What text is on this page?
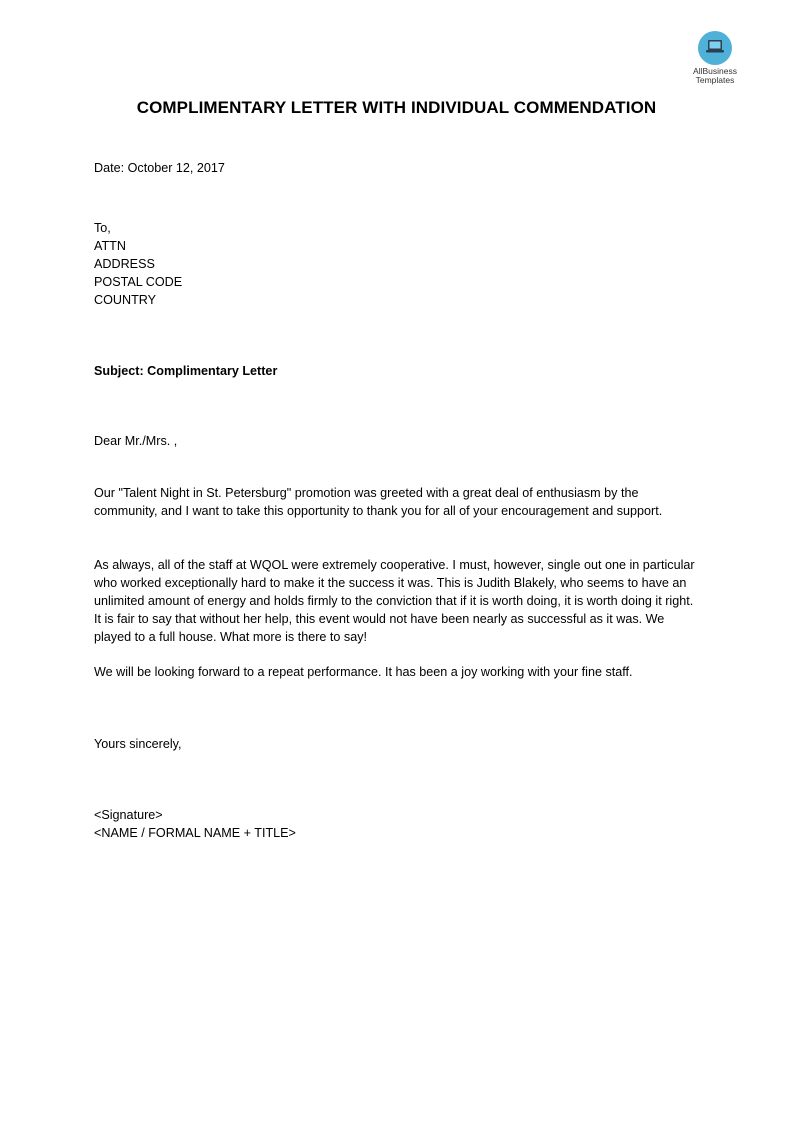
AllBusiness
Templates
COMPLIMENTARY LETTER WITH INDIVIDUAL COMMENDATION
Date: October 12, 2017
To,
ATTN
ADDRESS
POSTAL CODE
COUNTRY
Subject: Complimentary Letter
Dear Mr./Mrs. ,
Our "Talent Night in St. Petersburg" promotion was greeted with a great deal of enthusiasm by the community, and I want to take this opportunity to thank you for all of your encouragement and support.
As always, all of the staff at WQOL were extremely cooperative. I must, however, single out one in particular who worked exceptionally hard to make it the success it was. This is Judith Blakely, who seems to have an unlimited amount of energy and holds firmly to the conviction that if it is worth doing, it is worth doing it right. It is fair to say that without her help, this event would not have been nearly as successful as it was. We played to a full house. What more is there to say!
We will be looking forward to a repeat performance. It has been a joy working with your fine staff.
Yours sincerely,
<Signature>
<NAME / FORMAL NAME + TITLE>
